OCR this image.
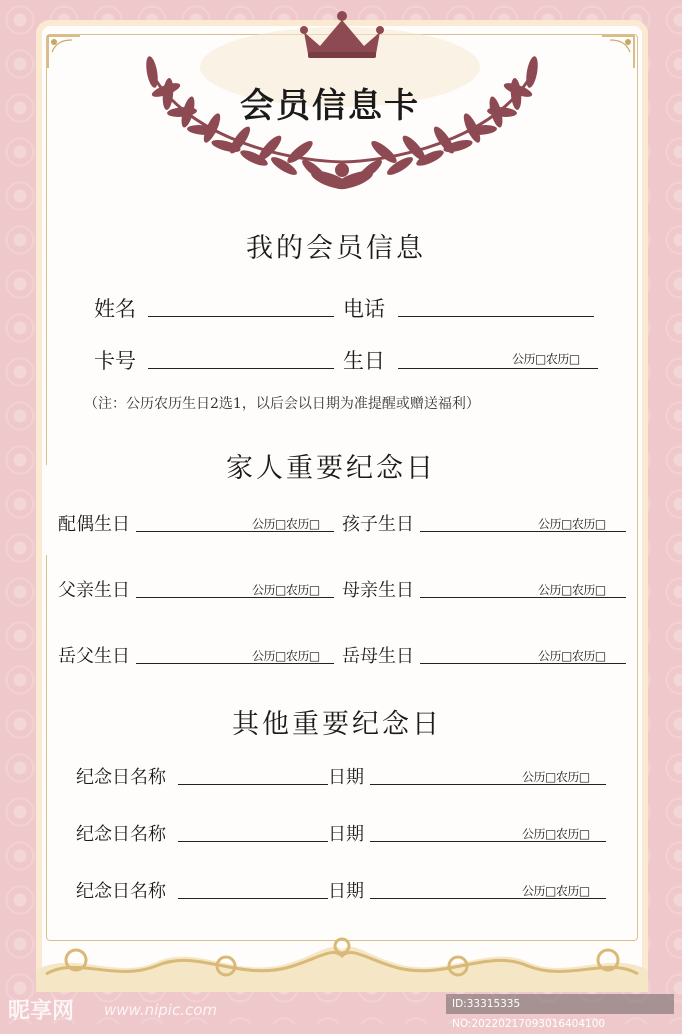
会员信息卡
我的会员信息
姓名	电话
卡号	生日	公历□农历□
（注：公历农历生日2选1，以后会以日期为准提醒或赠送福利）
家人重要纪念日
配偶生日	公历□农历□ 孩子生日	公历□农历□
父亲生日	公历□农历□ 母亲生日	公历□农历□
岳父生日	公历□农历□ 岳母生日	公历□农历□
其他重要纪念日
纪念日名称	日期	公历□农历□
纪念日名称	日期	公历□农历□
纪念日名称	日期	公历□农历□
昵享网 www.nipic.com	ID:33315335 NO:20220217093016404100
